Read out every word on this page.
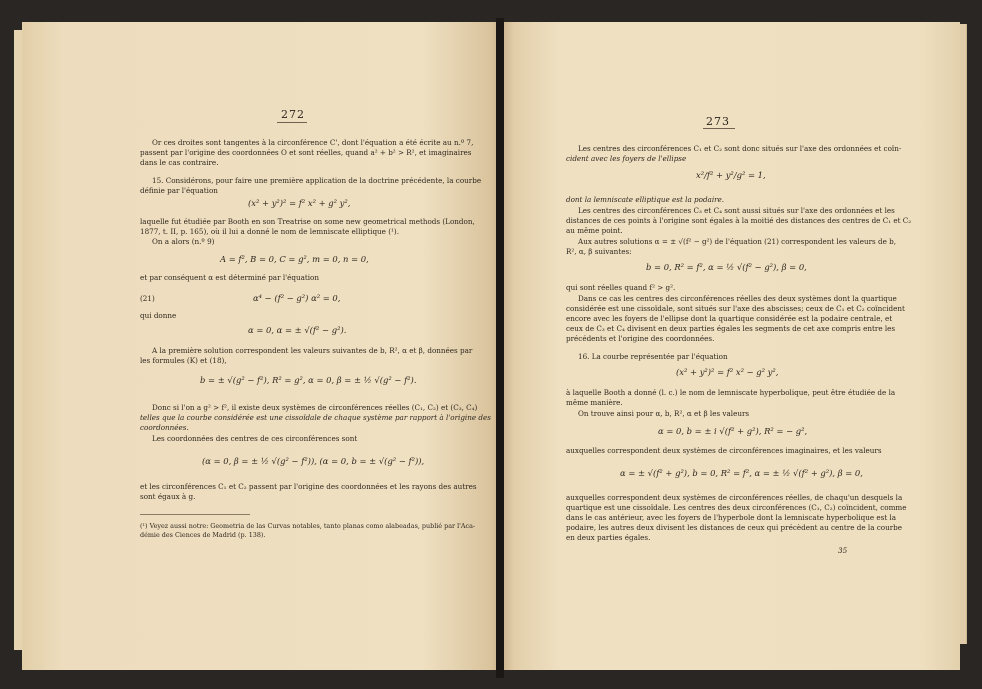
272
Or ces droites sont tangentes à la circonférence C', dont l'équation a été écrite au n.º 7,
passent par l'origine des coordonnées O et sont réelles, quand a² + b² > R², et imaginaires
dans le cas contraire.
15. Considérons, pour faire une première application de la doctrine précédente, la courbe
définie par l'équation
(x² + y²)² = f² x² + g² y²,
laquelle fut étudiée par Booth en son Treatrise on some new geometrical methods (London,
1877, t. II, p. 165), où il lui a donné le nom de lemniscate elliptique (¹).
On a alors (n.º 9)
A = f², B = 0, C = g², m = 0, n = 0,
et par conséquent α est déterminé par l'équation
(21)	α⁴ − (f² − g²) α² = 0,
qui donne
α = 0, α = ± √(f² − g²).
A la première solution correspondent les valeurs suivantes de b, R², α et β, données par
les formules (K) et (18),
b = ± √(g² − f²), R² = g², α = 0, β = ± ½ √(g² − f²).
Donc si l'on a g² > f², il existe deux systèmes de circonférences réelles (C₁, C₂) et (C₃, C₄)
telles que la courbe considérée est une cissoïdale de chaque système par rapport à l'origine des
coordonnées.
Les coordonnées des centres de ces circonférences sont
(α = 0, β = ± ½ √(g² − f²)), (α = 0, b = ± √(g² − f²)),
et les circonférences C₁ et C₂ passent par l'origine des coordonnées et les rayons des autres
sont égaux à g.
(¹) Veyez aussi notre: Geometria de las Curvas notables, tanto planas como alabeadas, publié par l'Aca-
démie des Ciences de Madrid (p. 138).
273
Les centres des circonférences C₁ et C₂ sont donc situés sur l'axe des ordonnées et coïn-
cident avec les foyers de l'ellipse
x²/f² + y²/g² = 1,
dont la lemniscate elliptique est la podaire.
Les centres des circonférences C₃ et C₄ sont aussi situés sur l'axe des ordonnées et les
distances de ces points à l'origine sont égales à la moitié des distances des centres de C₁ et C₂
au même point.
Aux autres solutions α = ± √(f² − g²) de l'équation (21) correspondent les valeurs de b,
R², α, β suivantes:
b = 0, R² = f², α = ½ √(f² − g²), β = 0,
qui sont réelles quand f² > g².
Dans ce cas les centres des circonférences réelles des deux systèmes dont la quartique
considérée est une cissoïdale, sont situés sur l'axe des abscisses; ceux de C₁ et C₂ coïncident
encore avec les foyers de l'ellipse dont la quartique considérée est la podaire centrale, et
ceux de C₃ et C₄ divisent en deux parties égales les segments de cet axe compris entre les
précédents et l'origine des coordonnées.
16. La courbe représentée par l'équation
(x² + y²)² = f² x² − g² y²,
à laquelle Booth a donné (l. c.) le nom de lemniscate hyperbolique, peut être étudiée de la
même manière.
On trouve ainsi pour α, b, R², α et β les valeurs
α = 0, b = ± i √(f² + g²), R² = − g²,
auxquelles correspondent deux systèmes de circonférences imaginaires, et les valeurs
α = ± √(f² + g²), b = 0, R² = f², α = ± ½ √(f² + g²), β = 0,
auxquelles correspondent deux systèmes de circonférences réelles, de chaqu'un desquels la
quartique est une cissoïdale. Les centres des deux circonférences (C₁, C₂) coïncident, comme
dans le cas antérieur, avec les foyers de l'hyperbole dont la lemniscate hyperbolique est la
podaire, les autres deux divisent les distances de ceux qui précèdent au centre de la courbe
en deux parties égales.
35
